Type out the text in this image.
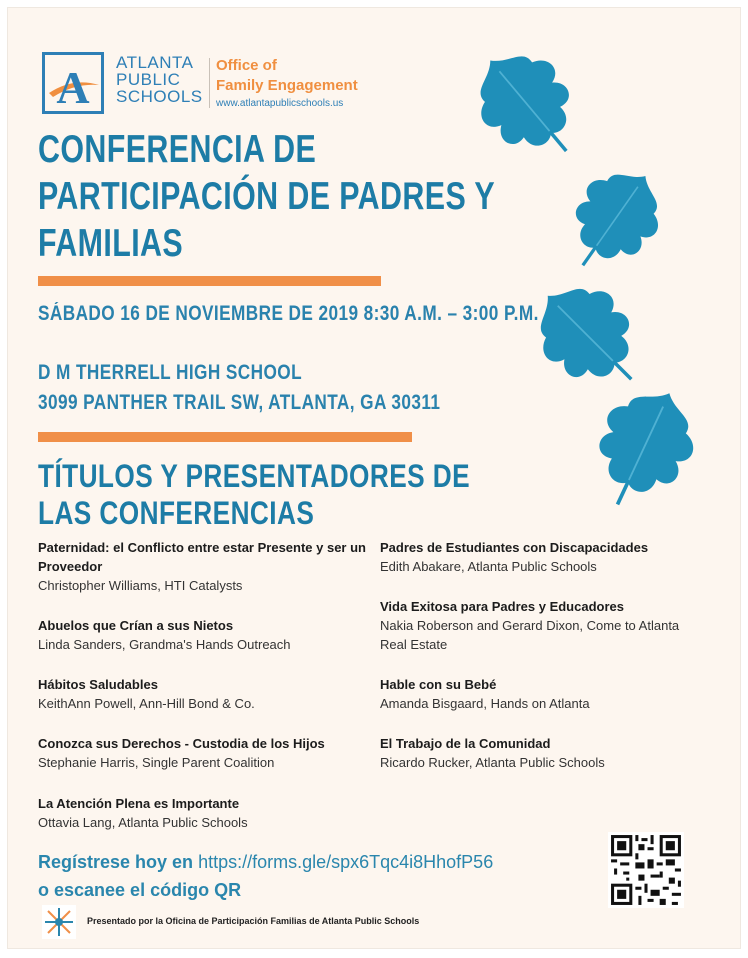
A ATLANTA
PUBLIC
SCHOOLS
Office of
Family Engagement
www.atlantapublicschools.us
CONFERENCIA DE
PARTICIPACIÓN DE PADRES Y
FAMILIAS
SÁBADO 16 DE NOVIEMBRE DE 2019 8:30 A.M. – 3:00 P.M.
D M THERRELL HIGH SCHOOL
3099 PANTHER TRAIL SW, ATLANTA, GA 30311
TÍTULOS Y PRESENTADORES DE
LAS CONFERENCIAS
Paternidad: el Conflicto entre estar Presente y ser un Proveedor
Christopher Williams, HTI Catalysts
Abuelos que Crían a sus Nietos
Linda Sanders, Grandma's Hands Outreach
Hábitos Saludables
KeithAnn Powell, Ann-Hill Bond & Co.
Conozca sus Derechos - Custodia de los Hijos
Stephanie Harris, Single Parent Coalition
La Atención Plena es Importante
Ottavia Lang, Atlanta Public Schools
Padres de Estudiantes con Discapacidades
Edith Abakare, Atlanta Public Schools
Vida Exitosa para Padres y Educadores
Nakia Roberson and Gerard Dixon, Come to Atlanta Real Estate
Hable con su Bebé
Amanda Bisgaard, Hands on Atlanta
El Trabajo de la Comunidad
Ricardo Rucker, Atlanta Public Schools
Regístrese hoy en https://forms.gle/spx6Tqc4i8HhofP56
o escanee el código QR
Presentado por la Oficina de Participación Familias de Atlanta Public Schools
